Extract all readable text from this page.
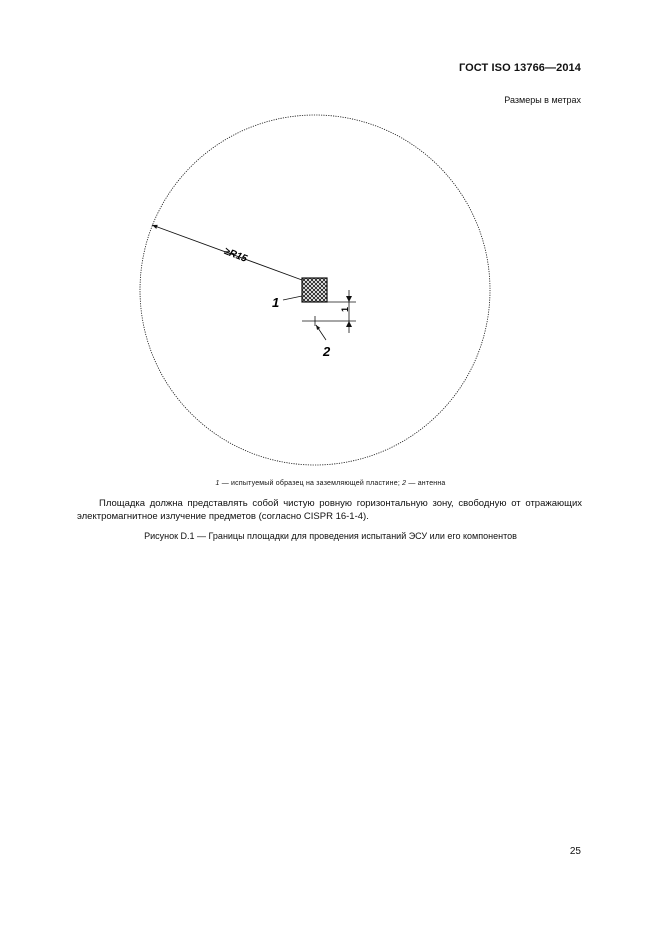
ГОСТ ISO 13766—2014
Размеры в метрах
≥R15
1	1
2
1 — испытуемый образец на заземляющей пластине; 2 — антенна
Площадка должна представлять собой чистую ровную горизонтальную зону, свободную от отражающих электромагнитное излучение предметов (согласно CISPR 16-1-4).
Рисунок D.1 — Границы площадки для проведения испытаний ЭСУ или его компонентов
25
